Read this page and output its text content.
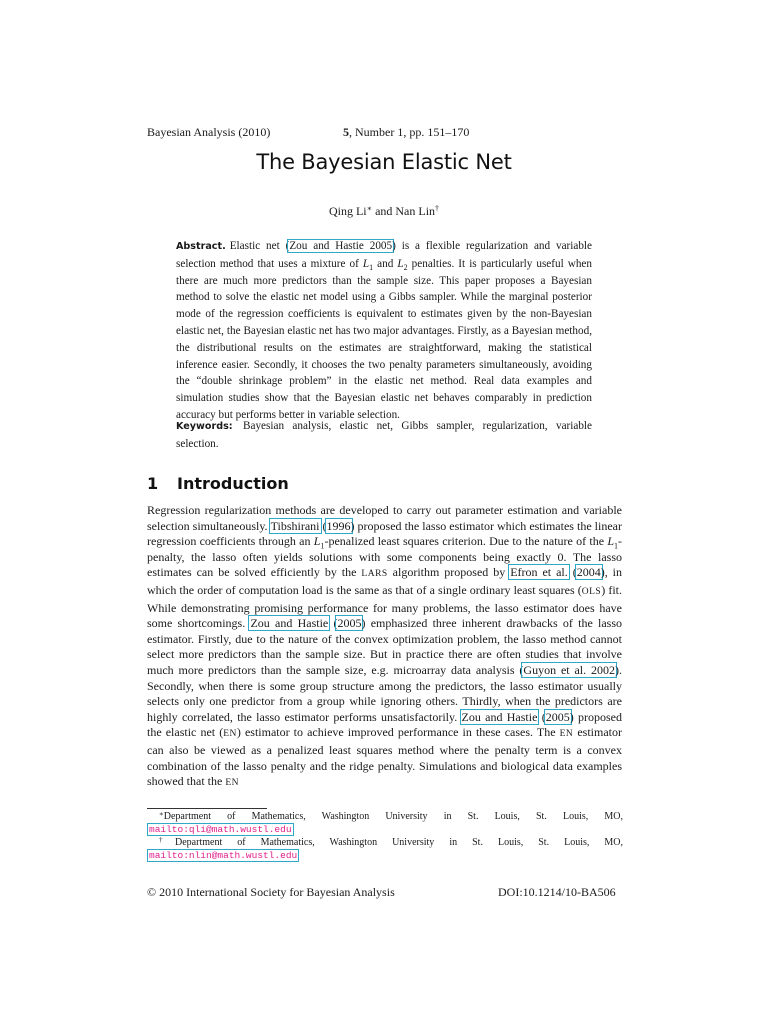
Bayesian Analysis (2010)	5, Number 1, pp. 151–170
The Bayesian Elastic Net
Qing Li∗ and Nan Lin†
Abstract. Elastic net (Zou and Hastie 2005) is a flexible regularization and variable selection method that uses a mixture of $L_1$ and $L_2$ penalties. It is particularly useful when there are much more predictors than the sample size. This paper proposes a Bayesian method to solve the elastic net model using a Gibbs sampler. While the marginal posterior mode of the regression coefficients is equivalent to estimates given by the non-Bayesian elastic net, the Bayesian elastic net has two major advantages. Firstly, as a Bayesian method, the distributional results on the estimates are straightforward, making the statistical inference easier. Secondly, it chooses the two penalty parameters simultaneously, avoiding the “double shrinkage problem” in the elastic net method. Real data examples and simulation studies show that the Bayesian elastic net behaves comparably in prediction accuracy but performs better in variable selection.
Keywords: Bayesian analysis, elastic net, Gibbs sampler, regularization, variable selection.
1 Introduction
Regression regularization methods are developed to carry out parameter estimation and variable selection simultaneously. Tibshirani (1996) proposed the lasso estimator which estimates the linear regression coefficients through an $L_1$-penalized least squares criterion. Due to the nature of the $L_1$-penalty, the lasso often yields solutions with some components being exactly 0. The lasso estimates can be solved efficiently by the LARS algorithm proposed by Efron et al. (2004), in which the order of computation load is the same as that of a single ordinary least squares (OLS) fit. While demonstrating promising performance for many problems, the lasso estimator does have some shortcomings. Zou and Hastie (2005) emphasized three inherent drawbacks of the lasso estimator. Firstly, due to the nature of the convex optimization problem, the lasso method cannot select more predictors than the sample size. But in practice there are often studies that involve much more predictors than the sample size, e.g. microarray data analysis (Guyon et al. 2002). Secondly, when there is some group structure among the predictors, the lasso estimator usually selects only one predictor from a group while ignoring others. Thirdly, when the predictors are highly correlated, the lasso estimator performs unsatisfactorily. Zou and Hastie (2005) proposed the elastic net (EN) estimator to achieve improved performance in these cases. The EN estimator can also be viewed as a penalized least squares method where the penalty term is a convex combination of the lasso penalty and the ridge penalty. Simulations and biological data examples showed that the EN

∗Department of Mathematics, Washington University in St. Louis, St. Louis, MO, mailto:qli@math.wustl.edu

†Department of Mathematics, Washington University in St. Louis, St. Louis, MO, mailto:nlin@math.wustl.edu

© 2010 International Society for Bayesian Analysis	DOI:10.1214/10-BA506
